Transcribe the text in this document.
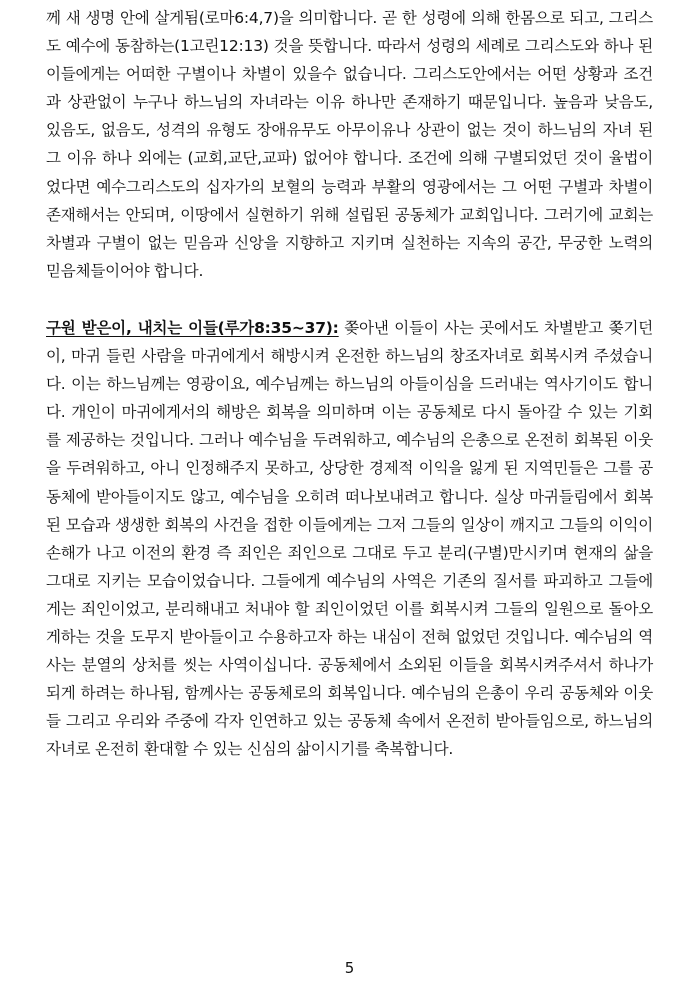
께 새 생명 안에 살게됨(로마6:4,7)을 의미합니다. 곧 한 성령에 의해 한몸으로 되고, 그리스도 예수에 동참하는(1고린12:13) 것을 뜻합니다. 따라서 성령의 세례로 그리스도와 하나 된 이들에게는 어떠한 구별이나 차별이 있을수 없습니다. 그리스도안에서는 어떤 상황과 조건과 상관없이 누구나 하느님의 자녀라는 이유 하나만 존재하기 때문입니다. 높음과 낮음도, 있음도, 없음도, 성격의 유형도 장애유무도 아무이유나 상관이 없는 것이 하느님의 자녀 된 그 이유 하나 외에는 (교회,교단,교파) 없어야 합니다. 조건에 의해 구별되었던 것이 율법이었다면 예수그리스도의 십자가의 보혈의 능력과 부활의 영광에서는 그 어떤 구별과 차별이 존재해서는 안되며, 이땅에서 실현하기 위해 설립된 공동체가 교회입니다. 그러기에 교회는 차별과 구별이 없는 믿음과 신앙을 지향하고 지키며 실천하는 지속의 공간, 무궁한 노력의 믿음체들이어야 합니다.

구원 받은이, 내치는 이들(루가8:35~37): 쫒아낸 이들이 사는 곳에서도 차별받고 쫒기던 이, 마귀 들린 사람을 마귀에게서 해방시켜 온전한 하느님의 창조자녀로 회복시켜 주셨습니다. 이는 하느님께는 영광이요, 예수님께는 하느님의 아들이심을 드러내는 역사기이도 합니다. 개인이 마귀에게서의 해방은 회복을 의미하며 이는 공동체로 다시 돌아갈 수 있는 기회를 제공하는 것입니다. 그러나 예수님을 두려워하고, 예수님의 은총으로 온전히 회복된 이웃을 두려워하고, 아니 인정해주지 못하고, 상당한 경제적 이익을 잃게 된 지역민들은 그를 공동체에 받아들이지도 않고, 예수님을 오히려 떠나보내려고 합니다. 실상 마귀들림에서 회복된 모습과 생생한 회복의 사건을 접한 이들에게는 그저 그들의 일상이 깨지고 그들의 이익이 손해가 나고 이전의 환경 즉 죄인은 죄인으로 그대로 두고 분리(구별)만시키며 현재의 삶을 그대로 지키는 모습이었습니다. 그들에게 예수님의 사역은 기존의 질서를 파괴하고 그들에게는 죄인이었고, 분리해내고 처내야 할 죄인이었던 이를 회복시켜 그들의 일원으로 돌아오게하는 것을 도무지 받아들이고 수용하고자 하는 내심이 전혀 없었던 것입니다. 예수님의 역사는 분열의 상처를 씻는 사역이십니다. 공동체에서 소외된 이들을 회복시켜주셔서 하나가 되게 하려는 하나됨, 함께사는 공동체로의 회복입니다. 예수님의 은총이 우리 공동체와 이웃들 그리고 우리와 주중에 각자 인연하고 있는 공동체 속에서 온전히 받아들임으로, 하느님의 자녀로 온전히 환대할 수 있는 신심의 삶이시기를 축복합니다.

5
